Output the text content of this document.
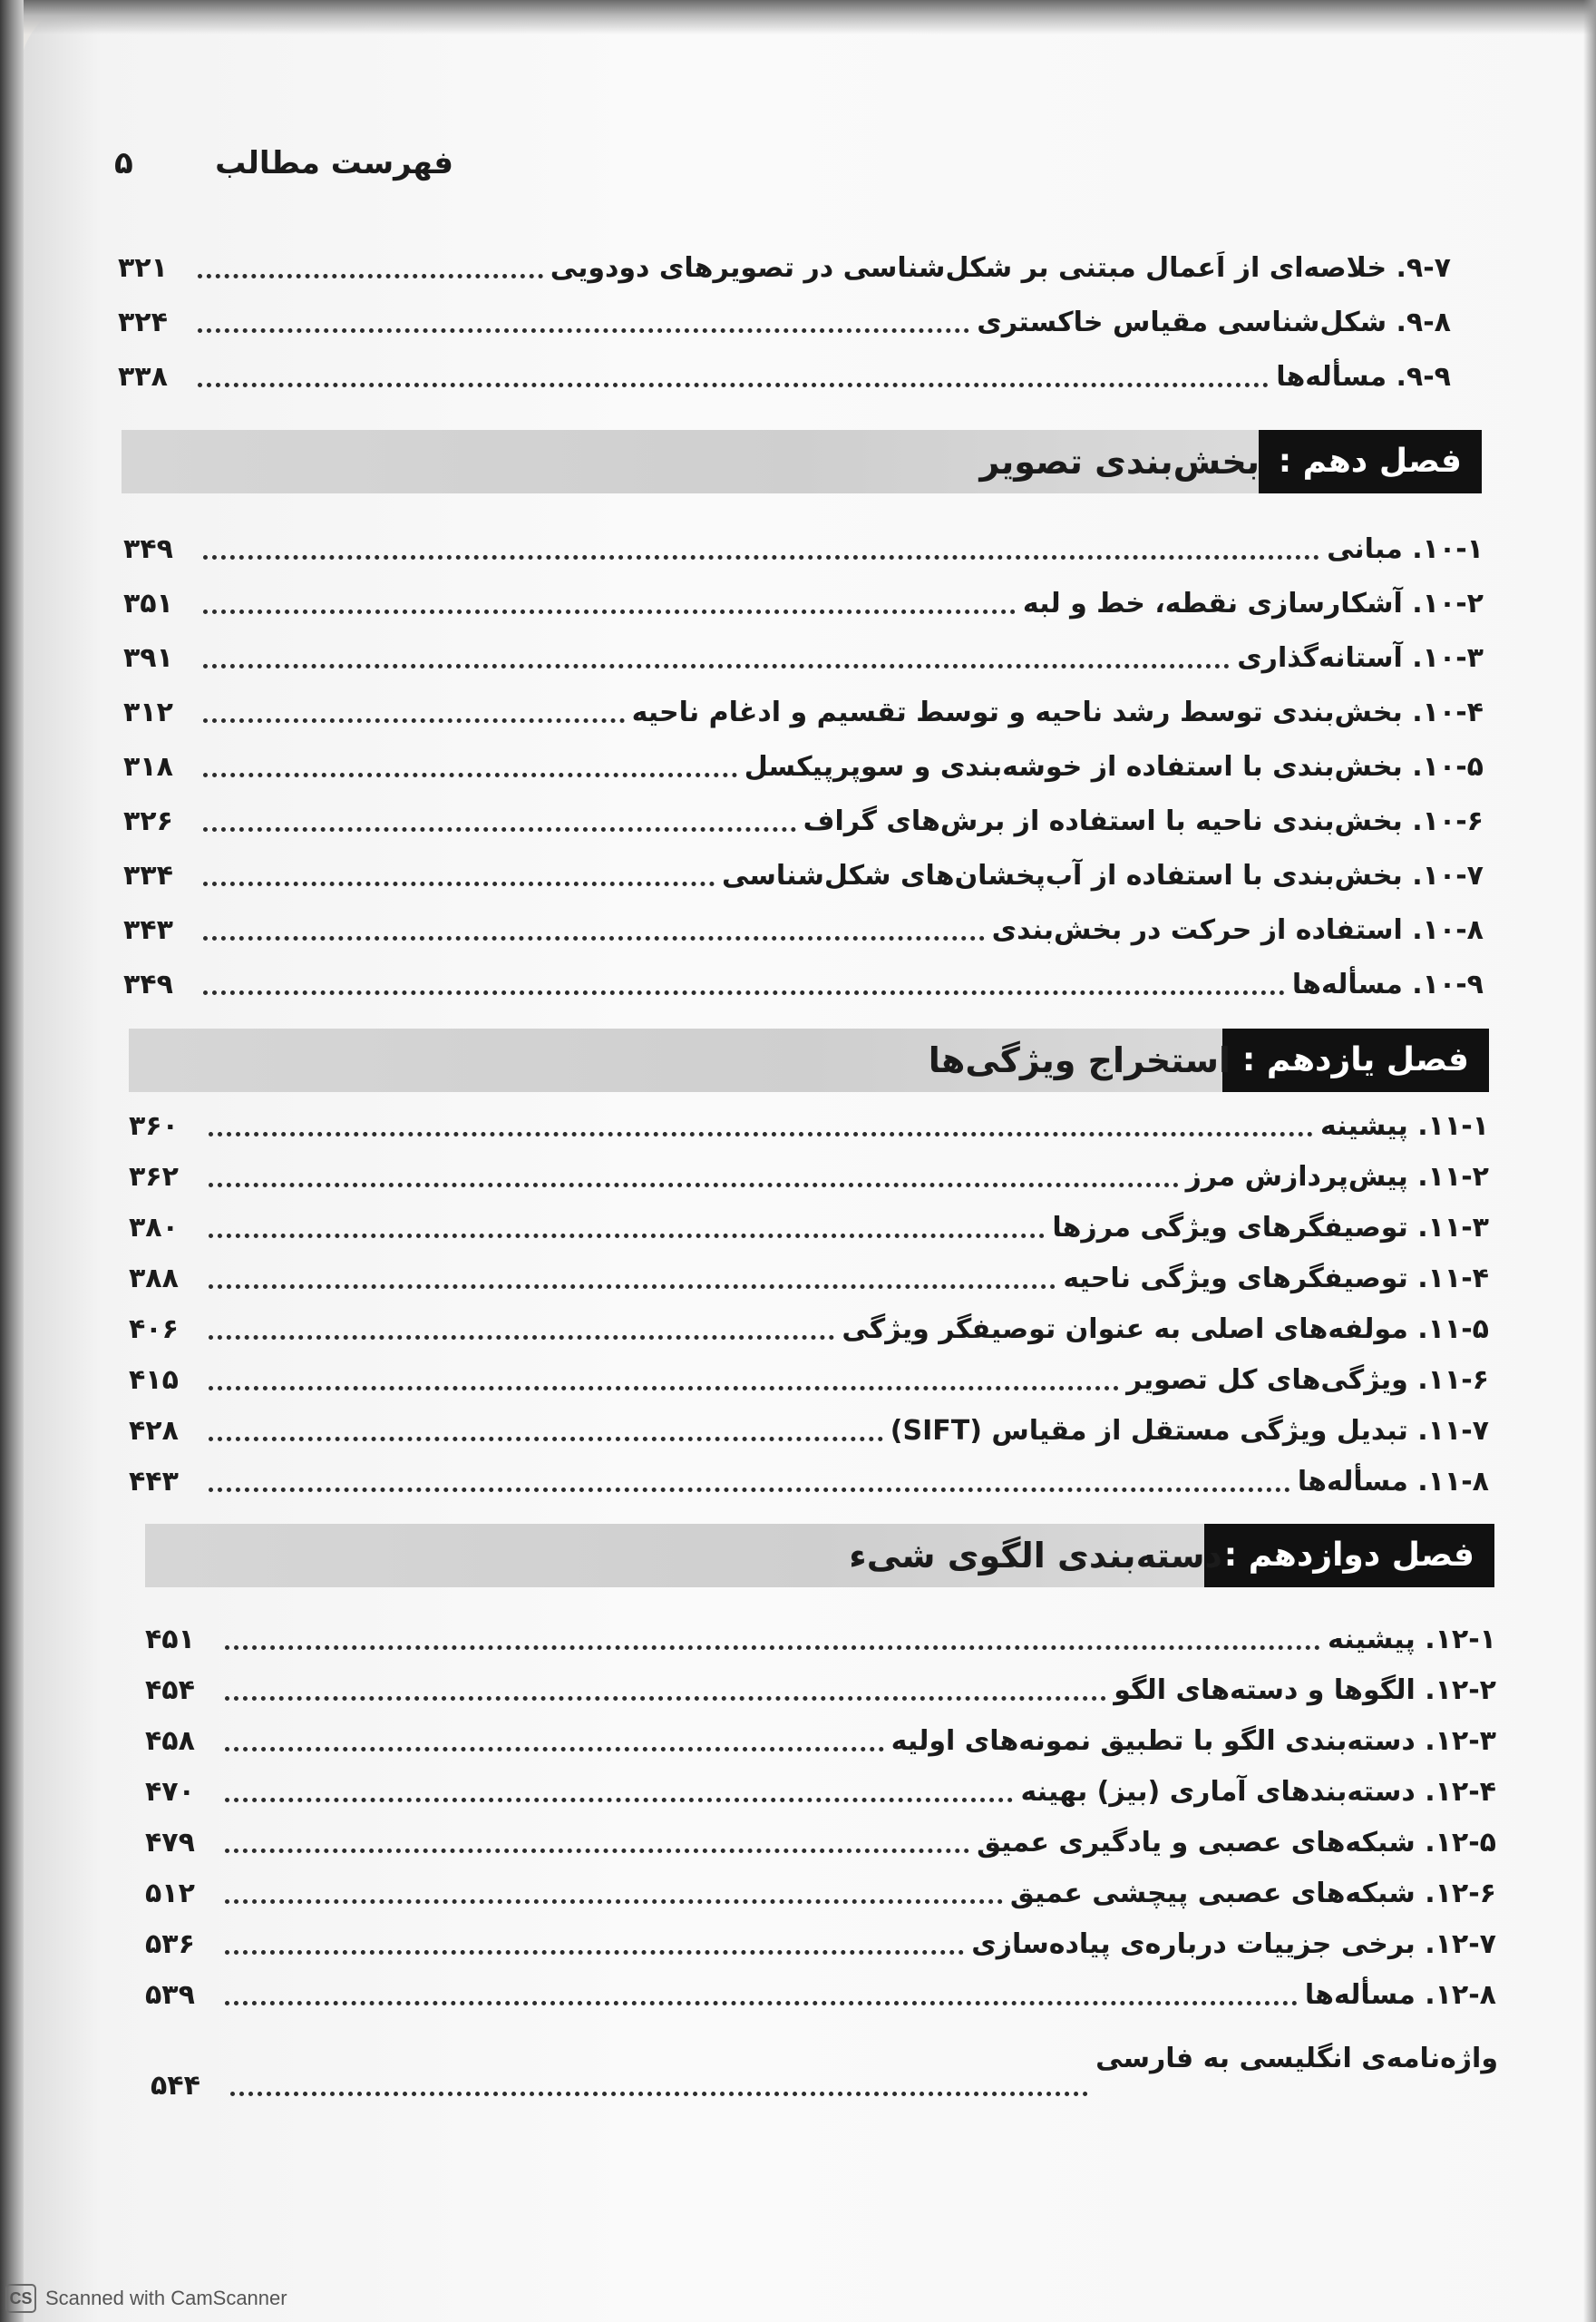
فهرست مطالب
۵
۹-۷. خلاصه‌ای از اَعمال مبتنی بر شکل‌شناسی در تصویرهای دودویی
۳۲۱
۹-۸. شکل‌شناسی مقیاس خاکستری
۳۲۴
۹-۹. مسأله‌ها
۳۳۸
فصل دهم :
بخش‌بندی تصویر
۱۰-۱. مبانی
۳۴۹
۱۰-۲. آشکارسازی نقطه، خط و لبه
۳۵۱
۱۰-۳. آستانه‌گذاری
۳۹۱
۱۰-۴. بخش‌بندی توسط رشد ناحیه و توسط تقسیم و ادغام ناحیه
۳۱۲
۱۰-۵. بخش‌بندی با استفاده از خوشه‌بندی و سوپرپیکسل
۳۱۸
۱۰-۶. بخش‌بندی ناحیه با استفاده از برش‌های گراف
۳۲۶
۱۰-۷. بخش‌بندی با استفاده از آب‌پخشان‌های شکل‌شناسی
۳۳۴
۱۰-۸. استفاده از حرکت در بخش‌بندی
۳۴۳
۱۰-۹. مسأله‌ها
۳۴۹
فصل یازدهم :
استخراج ویژگی‌ها
۱۱-۱. پیشینه
۳۶۰
۱۱-۲. پیش‌پردازش مرز
۳۶۲
۱۱-۳. توصیفگرهای ویژگی مرزها
۳۸۰
۱۱-۴. توصیفگرهای ویژگی ناحیه
۳۸۸
۱۱-۵. مولفه‌های اصلی به عنوان توصیفگر ویژگی
۴۰۶
۱۱-۶. ویژگی‌های کل تصویر
۴۱۵
۱۱-۷. تبدیل ویژگی مستقل از مقیاس (SIFT)
۴۲۸
۱۱-۸. مسأله‌ها
۴۴۳
فصل دوازدهم :
دسته‌بندی الگوی شیء
۱۲-۱. پیشینه
۴۵۱
۱۲-۲. الگوها و دسته‌های الگو
۴۵۴
۱۲-۳. دسته‌بندی الگو با تطبیق نمونه‌های اولیه
۴۵۸
۱۲-۴. دسته‌بندهای آماری (بیز) بهینه
۴۷۰
۱۲-۵. شبکه‌های عصبی و یادگیری عمیق
۴۷۹
۱۲-۶. شبکه‌های عصبی پیچشی عمیق
۵۱۲
۱۲-۷. برخی جزییات درباره‌ی پیاده‌سازی
۵۳۶
۱۲-۸. مسأله‌ها
۵۳۹
واژه‌نامه‌ی انگلیسی به فارسی
۵۴۴
CS Scanned with CamScanner
